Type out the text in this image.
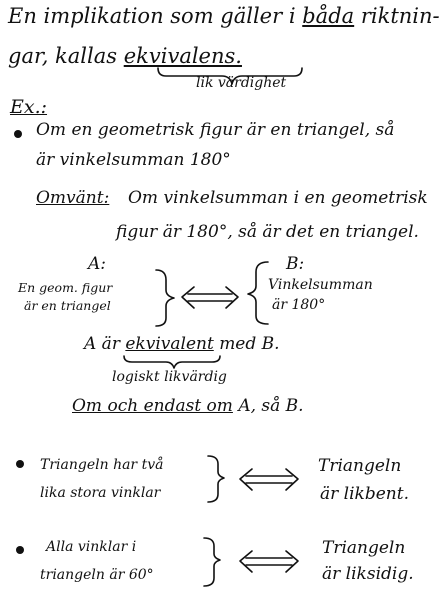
En implikation som gäller i båda riktnin-
gar, kallas ekvivalens.
lik värdighet
Ex.:
Om en geometrisk figur är en triangel, så
är vinkelsumman 180°
Omvänt: Om vinkelsumman i en geometrisk
figur är 180°, så är det en triangel.
A:
En geom. figur
är en triangel
B:
Vinkelsumman
är 180°
A är ekvivalent med B.
logiskt likvärdig
Om och endast om A, så B.
Triangeln har två
lika stora vinklar
Triangeln
är likbent.
Alla vinklar i
triangeln är 60°
Triangeln
är liksidig.
